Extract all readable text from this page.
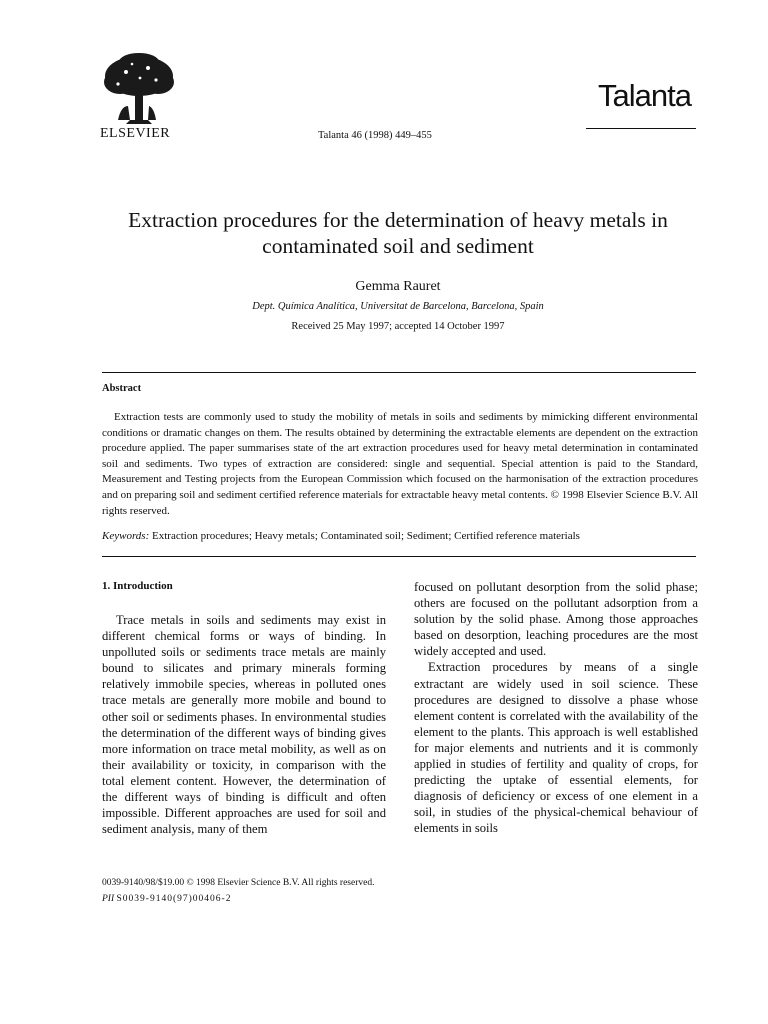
ELSEVIER	Talanta 46 (1998) 449–455
Talanta
Extraction procedures for the determination of heavy metals in contaminated soil and sediment
Gemma Rauret
Dept. Química Analítica, Universitat de Barcelona, Barcelona, Spain
Received 25 May 1997; accepted 14 October 1997
Abstract

Extraction tests are commonly used to study the mobility of metals in soils and sediments by mimicking different environmental conditions or dramatic changes on them. The results obtained by determining the extractable elements are dependent on the extraction procedure applied. The paper summarises state of the art extraction procedures used for heavy metal determination in contaminated soil and sediments. Two types of extraction are considered: single and sequential. Special attention is paid to the Standard, Measurement and Testing projects from the European Commission which focused on the harmonisation of the extraction procedures and on preparing soil and sediment certified reference materials for extractable heavy metal contents. © 1998 Elsevier Science B.V. All rights reserved.

Keywords: Extraction procedures; Heavy metals; Contaminated soil; Sediment; Certified reference materials

1. Introduction

Trace metals in soils and sediments may exist in different chemical forms or ways of binding. In unpolluted soils or sediments trace metals are mainly bound to silicates and primary minerals forming relatively immobile species, whereas in polluted ones trace metals are generally more mobile and bound to other soil or sediments phases. In environmental studies the determination of the different ways of binding gives more information on trace metal mobility, as well as on their availability or toxicity, in comparison with the total element content. However, the determination of the different ways of binding is difficult and often impossible. Different approaches are used for soil and sediment analysis, many of them

focused on pollutant desorption from the solid phase; others are focused on the pollutant adsorption from a solution by the solid phase. Among those approaches based on desorption, leaching procedures are the most widely accepted and used.

Extraction procedures by means of a single extractant are widely used in soil science. These procedures are designed to dissolve a phase whose element content is correlated with the availability of the element to the plants. This approach is well established for major elements and nutrients and it is commonly applied in studies of fertility and quality of crops, for predicting the uptake of essential elements, for diagnosis of deficiency or excess of one element in a soil, in studies of the physical-chemical behaviour of elements in soils

0039-9140/98/$19.00 © 1998 Elsevier Science B.V. All rights reserved.
PII S0039-9140(97)00406-2
